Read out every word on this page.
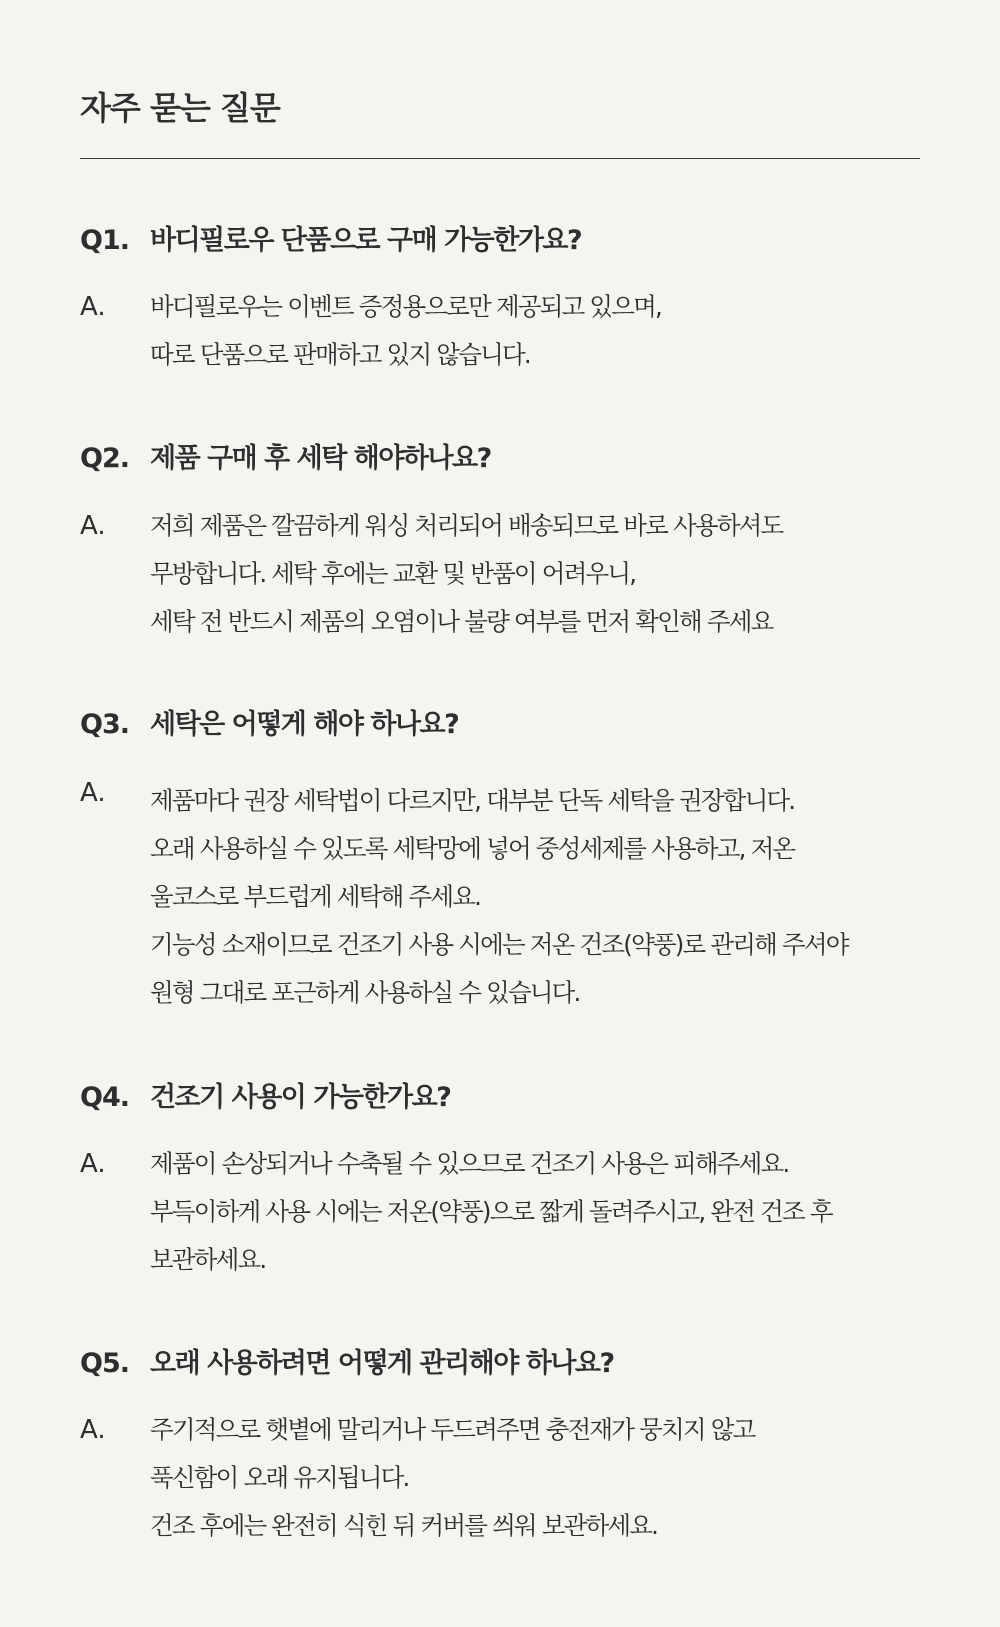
자주 묻는 질문
Q1. 바디필로우 단품으로 구매 가능한가요?
A. 바디필로우는 이벤트 증정용으로만 제공되고 있으며,
따로 단품으로 판매하고 있지 않습니다.
Q2. 제품 구매 후 세탁 해야하나요?
A. 저희 제품은 깔끔하게 워싱 처리되어 배송되므로 바로 사용하셔도
무방합니다. 세탁 후에는 교환 및 반품이 어려우니,
세탁 전 반드시 제품의 오염이나 불량 여부를 먼저 확인해 주세요
Q3. 세탁은 어떻게 해야 하나요?
A. 제품마다 권장 세탁법이 다르지만, 대부분 단독 세탁을 권장합니다.
오래 사용하실 수 있도록 세탁망에 넣어 중성세제를 사용하고, 저온
울코스로 부드럽게 세탁해 주세요.
기능성 소재이므로 건조기 사용 시에는 저온 건조(약풍)로 관리해 주셔야
원형 그대로 포근하게 사용하실 수 있습니다.
Q4. 건조기 사용이 가능한가요?
A. 제품이 손상되거나 수축될 수 있으므로 건조기 사용은 피해주세요.
부득이하게 사용 시에는 저온(약풍)으로 짧게 돌려주시고, 완전 건조 후
보관하세요.
Q5. 오래 사용하려면 어떻게 관리해야 하나요?
A. 주기적으로 햇볕에 말리거나 두드려주면 충전재가 뭉치지 않고
푹신함이 오래 유지됩니다.
건조 후에는 완전히 식힌 뒤 커버를 씌워 보관하세요.
